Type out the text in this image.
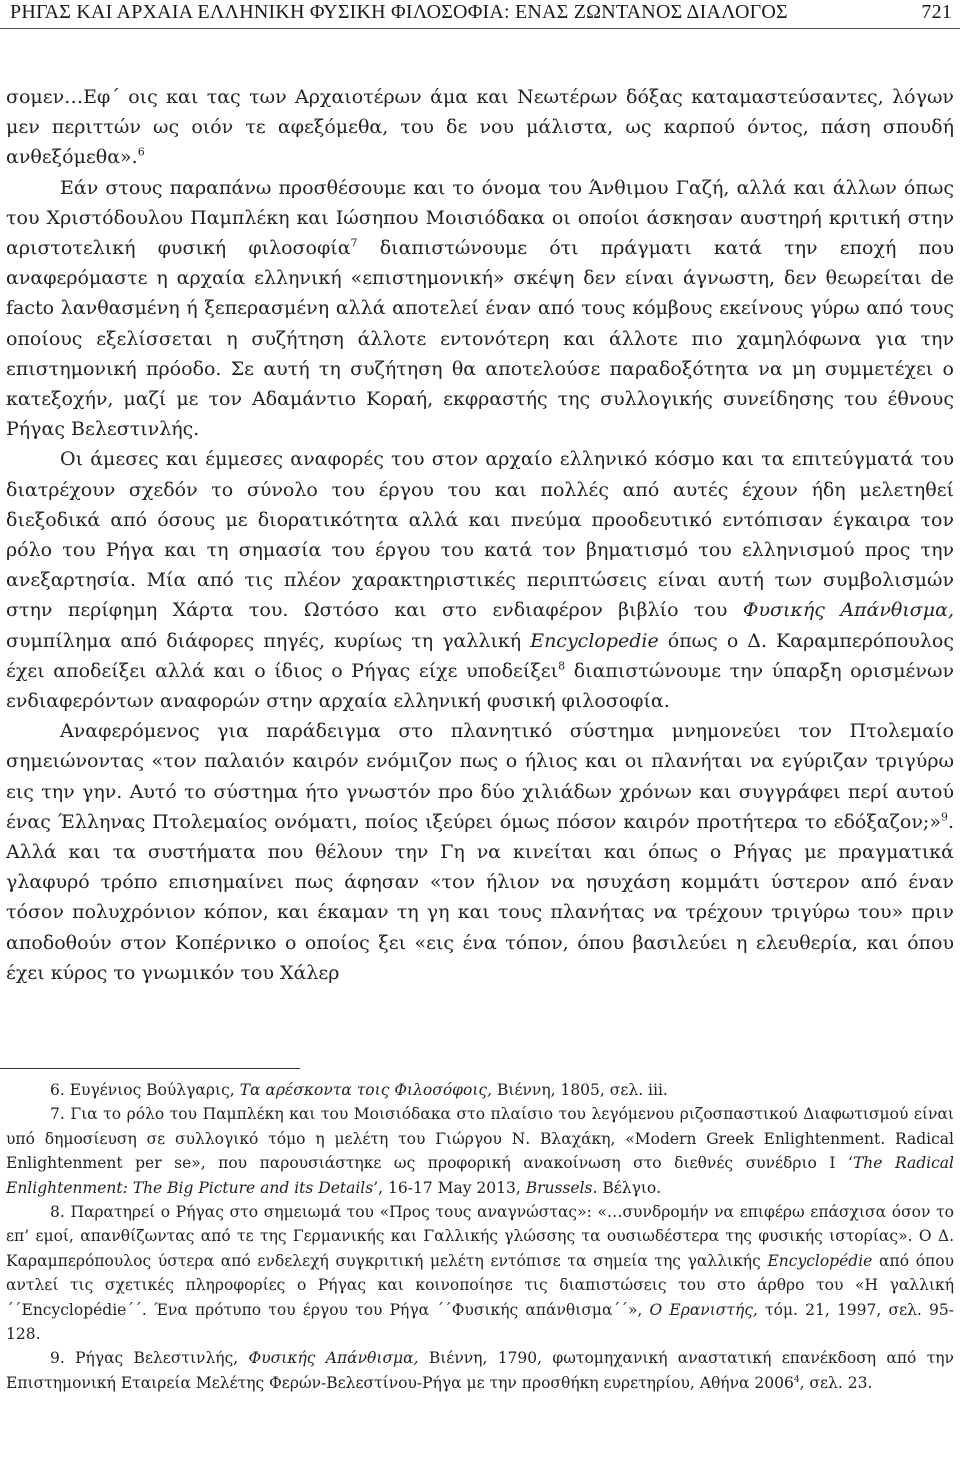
ΡΗΓΑΣ ΚΑΙ ΑΡΧΑΙΑ ΕΛΛΗΝΙΚΗ ΦΥΣΙΚΗ ΦΙΛΟΣΟΦΙΑ: ΕΝΑΣ ΖΩΝΤΑΝΟΣ ΔΙΑΛΟΓΟΣ	721

σομεν…Εφ΄ οις και τας των Αρχαιοτέρων άμα και Νεωτέρων δόξας καταμαστεύσαντες, λόγων μεν περιττών ως οιόν τε αφεξόμεθα, του δε νου μάλιστα, ως καρπού όντος, πάση σπουδή ανθεξόμεθα».$^6$

Εάν στους παραπάνω προσθέσουμε και το όνομα του Άνθιμου Γαζή, αλλά και άλλων όπως του Χριστόδουλου Παμπλέκη και Ιώσηπου Μοισιόδακα οι οποίοι άσκησαν αυστηρή κριτική στην αριστοτελική φυσική φιλοσοφία$^7$ διαπιστώνουμε ότι πράγματι κατά την εποχή που αναφερόμαστε η αρχαία ελληνική «επιστημονική» σκέψη δεν είναι άγνωστη, δεν θεωρείται de facto λανθασμένη ή ξεπερασμένη αλλά αποτελεί έναν από τους κόμβους εκείνους γύρω από τους οποίους εξελίσσεται η συζήτηση άλλοτε εντονότερη και άλλοτε πιο χαμηλόφωνα για την επιστημονική πρόοδο. Σε αυτή τη συζήτηση θα αποτελούσε παραδοξότητα να μη συμμετέχει ο κατεξοχήν, μαζί με τον Αδαμάντιο Κοραή, εκφραστής της συλλογικής συνείδησης του έθνους Ρήγας Βελεστινλής.

Οι άμεσες και έμμεσες αναφορές του στον αρχαίο ελληνικό κόσμο και τα επιτεύγματά του διατρέχουν σχεδόν το σύνολο του έργου του και πολλές από αυτές έχουν ήδη μελετηθεί διεξοδικά από όσους με διορατικότητα αλλά και πνεύμα προοδευτικό εντόπισαν έγκαιρα τον ρόλο του Ρήγα και τη σημασία του έργου του κατά τον βηματισμό του ελληνισμού προς την ανεξαρτησία. Μία από τις πλέον χαρακτηριστικές περιπτώσεις είναι αυτή των συμβολισμών στην περίφημη Χάρτα του. Ωστόσο και στο ενδιαφέρον βιβλίο του Φυσικής Απάνθισμα, συμπίλημα από διάφορες πηγές, κυρίως τη γαλλική Encyclopedie όπως ο Δ. Καραμπερόπουλος έχει αποδείξει αλλά και ο ίδιος ο Ρήγας είχε υποδείξει$^8$ διαπιστώνουμε την ύπαρξη ορισμένων ενδιαφερόντων αναφορών στην αρχαία ελληνική φυσική φιλοσοφία.

Αναφερόμενος για παράδειγμα στο πλανητικό σύστημα μνημονεύει τον Πτολεμαίο σημειώνοντας «τον παλαιόν καιρόν ενόμιζον πως ο ήλιος και οι πλανήται να εγύριζαν τριγύρω εις την γην. Αυτό το σύστημα ήτο γνωστόν προ δύο χιλιάδων χρόνων και συγγράφει περί αυτού ένας Έλληνας Πτολεμαίος ονόματι, ποίος ιξεύρει όμως πόσον καιρόν προτήτερα το εδόξαζον;»$^9$. Αλλά και τα συστήματα που θέλουν την Γη να κινείται και όπως ο Ρήγας με πραγματικά γλαφυρό τρόπο επισημαίνει πως άφησαν «τον ήλιον να ησυχάση κομμάτι ύστερον από έναν τόσον πολυχρόνιον κόπον, και έκαμαν τη γη και τους πλανήτας να τρέχουν τριγύρω του» πριν αποδοθούν στον Κοπέρνικο ο οποίος ξει «εις ένα τόπον, όπου βασιλεύει η ελευθερία, και όπου έχει κύρος το γνωμικόν του Χάλερ

6. Ευγένιος Βούλγαρις, Τα αρέσκοντα τοις Φιλοσόφοις, Βιέννη, 1805, σελ. iii.

7. Για το ρόλο του Παμπλέκη και του Μοισιόδακα στο πλαίσιο του λεγόμενου ριζοσπαστικού Διαφωτισμού είναι υπό δημοσίευση σε συλλογικό τόμο η μελέτη του Γιώργου Ν. Βλαχάκη, «Modern Greek Enlightenment. Radical Enlightenment per se», που παρουσιάστηκε ως προφορική ανακοίνωση στο διεθνές συνέδριο Ι ‘The Radical Enlightenment: The Big Picture and its Details’, 16-17 May 2013, Brussels. Βέλγιο.

8. Παρατηρεί ο Ρήγας στο σημειωμά του «Προς τους αναγνώστας»: «…συνδρομήν να επιφέρω επάσχισα όσον το επ’ εμοί, απανθίζωντας από τε της Γερμανικής και Γαλλικής γλώσσης τα ουσιωδέστερα της φυσικής ιστορίας». Ο Δ. Καραμπερόπουλος ύστερα από ενδελεχή συγκριτική μελέτη εντόπισε τα σημεία της γαλλικής Encyclopédie από όπου αντλεί τις σχετικές πληροφορίες ο Ρήγας και κοινοποίησε τις διαπιστώσεις του στο άρθρο του «Η γαλλική ΄΄Encyclopédie΄΄. Ένα πρότυπο του έργου του Ρήγα ΄΄Φυσικής απάνθισμα΄΄», Ο Ερανιστής, τόμ. 21, 1997, σελ. 95-128.

9. Ρήγας Βελεστινλής, Φυσικής Απάνθισμα, Βιέννη, 1790, φωτομηχανική αναστατική επανέκδοση από την Επιστημονική Εταιρεία Μελέτης Φερών-Βελεστίνου-Ρήγα με την προσθήκη ευρετηρίου, Αθήνα 2006$^4$, σελ. 23.
